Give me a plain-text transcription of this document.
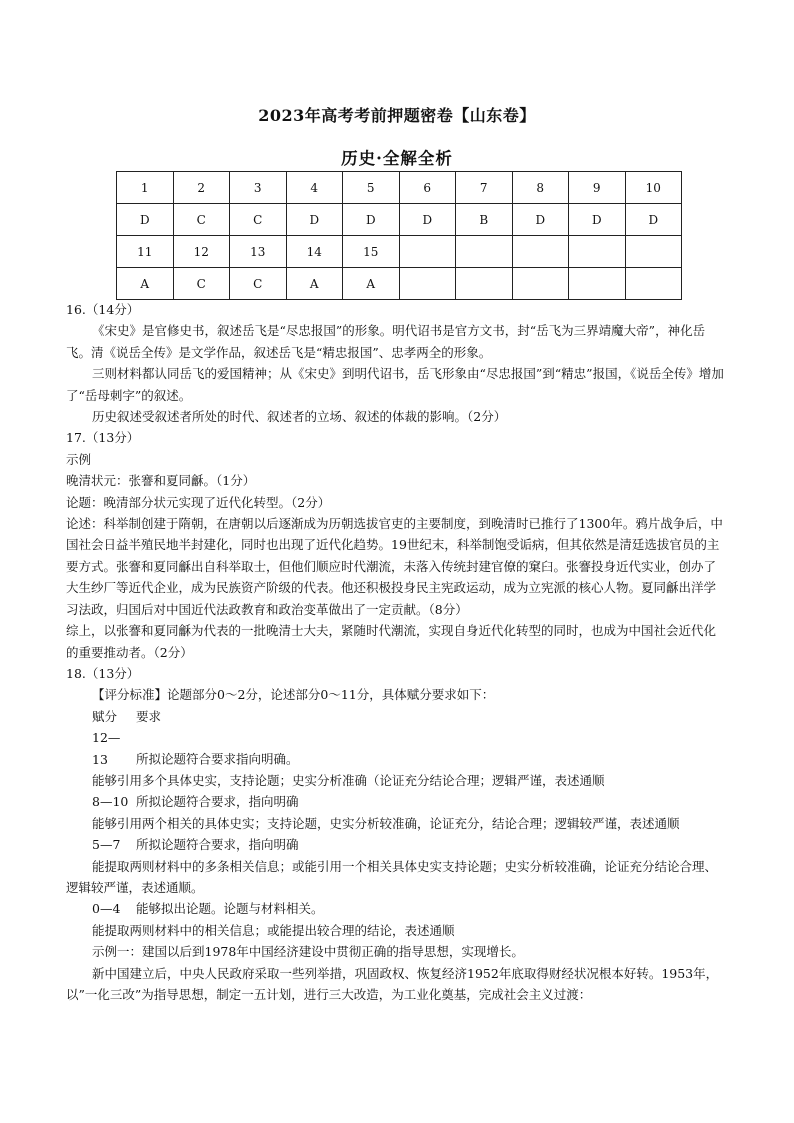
2023年高考考前押题密卷【山东卷】
历史·全解全析
1	2	3	4	5	6	7	8	9	10
D	C	C	D	D	D	B	D	D	D
11	12	13	14	15					
A	C	C	A	A					

16.（14分）

《宋史》是官修史书，叙述岳飞是“尽忠报国”的形象。明代诏书是官方文书，封“岳飞为三界靖魔大帝”，神化岳飞。清《说岳全传》是文学作品，叙述岳飞是“精忠报国”、忠孝两全的形象。

三则材料都认同岳飞的爱国精神；从《宋史》到明代诏书，岳飞形象由“尽忠报国”到“精忠”报国，《说岳全传》增加了“岳母刺字”的叙述。

历史叙述受叙述者所处的时代、叙述者的立场、叙述的体裁的影响。（2分）

17.（13分）

示例

晚清状元：张謇和夏同龢。（1分）

论题：晚清部分状元实现了近代化转型。（2分）

论述：科举制创建于隋朝，在唐朝以后逐渐成为历朝选拔官吏的主要制度，到晚清时已推行了1300年。鸦片战争后，中国社会日益半殖民地半封建化，同时也出现了近代化趋势。19世纪末，科举制饱受诟病，但其依然是清廷选拔官员的主要方式。张謇和夏同龢出自科举取士，但他们顺应时代潮流，未落入传统封建官僚的窠臼。张謇投身近代实业，创办了大生纱厂等近代企业，成为民族资产阶级的代表。他还积极投身民主宪政运动，成为立宪派的核心人物。夏同龢出洋学习法政，归国后对中国近代法政教育和政治变革做出了一定贡献。（8分）

综上，以张謇和夏同龢为代表的一批晚清士大夫，紧随时代潮流，实现自身近代化转型的同时，也成为中国社会近代化的重要推动者。（2分）

18.（13分）

【评分标准】论题部分0～2分，论述部分0～11分，具体赋分要求如下：

赋分 要求

12—13 所拟论题符合要求指向明确。

能够引用多个具体史实，支持论题；史实分析准确（论证充分结论合理；逻辑严谨，表述通顺

8—10 所拟论题符合要求，指向明确

能够引用两个相关的具体史实；支持论题，史实分析较准确，论证充分，结论合理；逻辑较严谨，表述通顺

5—7 所拟论题符合要求，指向明确

能提取两则材料中的多条相关信息；或能引用一个相关具体史实支持论题；史实分析较准确，论证充分结论合理、逻辑较严谨，表述通顺。

0—4 能够拟出论题。论题与材料相关。

能提取两则材料中的相关信息；或能提出较合理的结论，表述通顺

示例一：建国以后到1978年中国经济建设中贯彻正确的指导思想，实现增长。

新中国建立后，中央人民政府采取一些列举措，巩固政权、恢复经济1952年底取得财经状况根本好转。1953年，以”一化三改”为指导思想，制定一五计划，进行三大改造，为工业化奠基，完成社会主义过渡：
